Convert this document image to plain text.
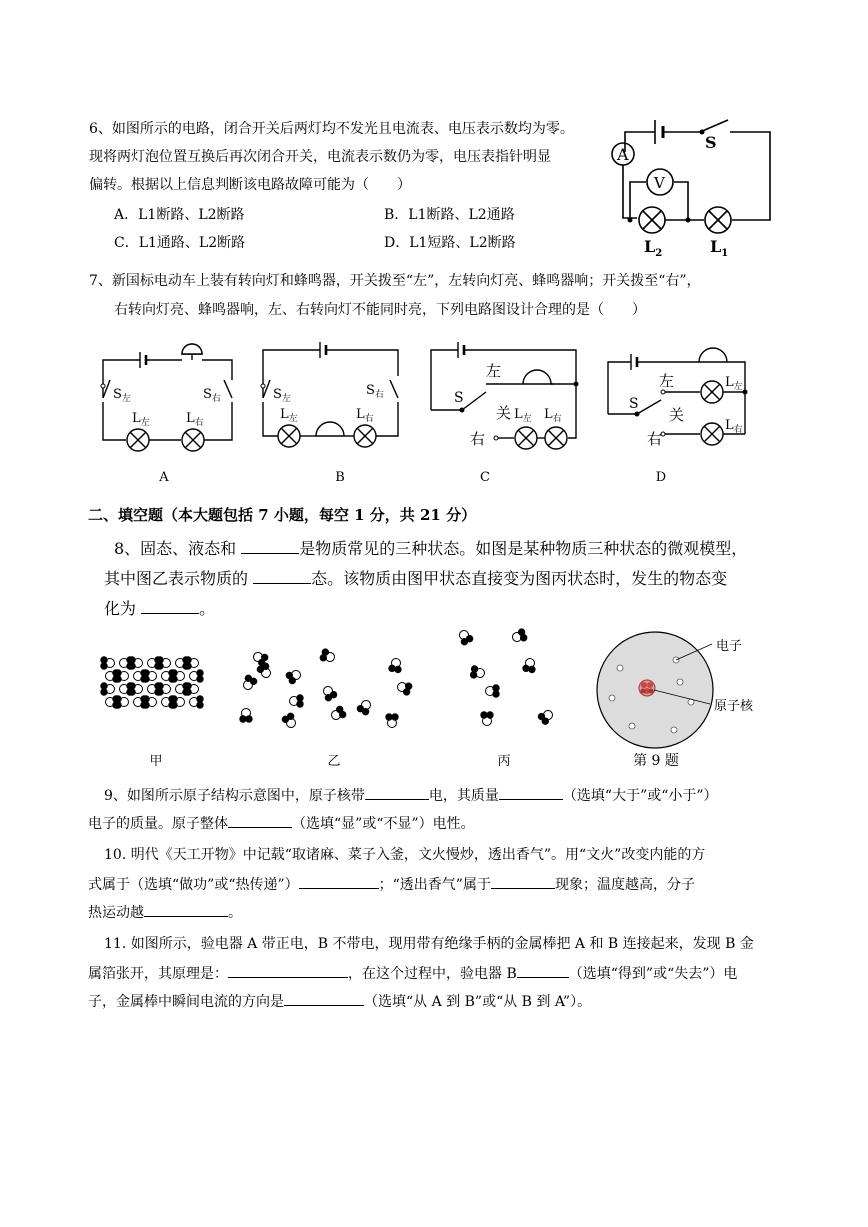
6、如图所示的电路，闭合开关后两灯均不发光且电流表、电压表示数均为零。
现将两灯泡位置互换后再次闭合开关，电流表示数仍为零，电压表指针明显
偏转。根据以上信息判断该电路故障可能为（　　）
A．L1断路、L2断路	B．L1断路、L2通路
C．L1通路、L2断路	D．L1短路、L2断路
A
V
S
$L_2$	$L_1$
7、新国标电动车上装有转向灯和蜂鸣器，开关拨至“左”，左转向灯亮、蜂鸣器响；开关拨至“右”，
右转向灯亮、蜂鸣器响，左、右转向灯不能同时亮，下列电路图设计合理的是（　　）
$S_左$	$S_右$
$L_左$	$L_右$
$S_左$
$S_右$
$L_左$	$L_右$
左
S
关 $L_左$ $L_右$
右
左
S
关
右
$L_左$
$L_右$
A	B	C	D
二、填空题（本大题包括 7 小题，每空 1 分，共 21 分）
8、固态、液态和	是物质常见的三种状态。如图是某种物质三种状态的微观模型，
其中图乙表示物质的	态。该物质由图甲状态直接变为图丙状态时，发生的物态变
化为	。
甲	乙	丙
电子
原子核
第 9 题
9、如图所示原子结构示意图中，原子核带	电，其质量	（选填“大于”或“小于”）
电子的质量。原子整体	（选填“显”或“不显”）电性。
10. 明代《天工开物》中记载“取诸麻、菜子入釜，文火慢炒，透出香气”。用“文火”改变内能的方
式属于（选填“做功”或“热传递”）	；“透出香气”属于	现象；温度越高，分子
热运动越	。
11. 如图所示，验电器 A 带正电，B 不带电，现用带有绝缘手柄的金属棒把 A 和 B 连接起来，发现 B 金
属箔张开，其原理是：	，在这个过程中，验电器 B	（选填“得到”或“失去”）电
子，金属棒中瞬间电流的方向是	（选填“从 A 到 B”或“从 B 到 A”）。
